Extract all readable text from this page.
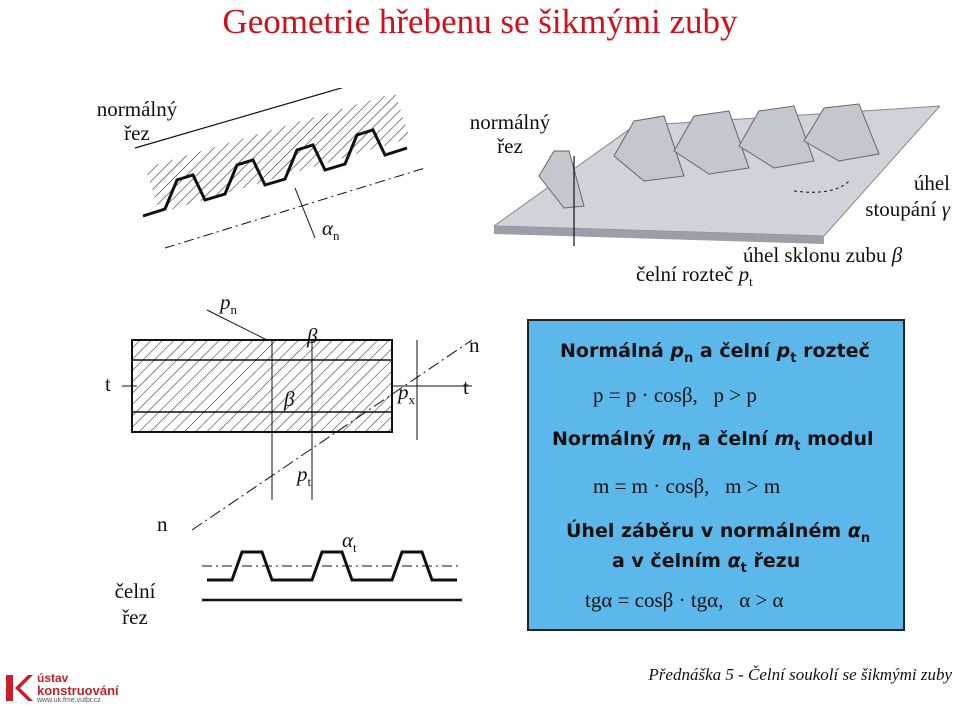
Geometrie hřebenu se šikmými zuby
normálný řez
$\alpha_n$
normálný řez
úhel
stoupání γ
úhel sklonu zubu β
čelní rozteč $p_t$
$p_n$
β	n
t
β	$p_x$
t
$p_t$
n
$\alpha_t$
čelní řez
Normálná $p_n$ a čelní $p_t$ rozteč
p = p · cosβ,   p > p
Normálný $m_n$ a čelní $m_t$ modul
m = m · cosβ,   m > m
Úhel záběru v normálném $\alpha_n$
a v čelním $\alpha_t$ řezu
tgα = cosβ · tgα,   α > α
ústav
konstruování
www.uk.fme.vutbr.cz
Přednáška 5 - Čelní soukolí se šikmými zuby
